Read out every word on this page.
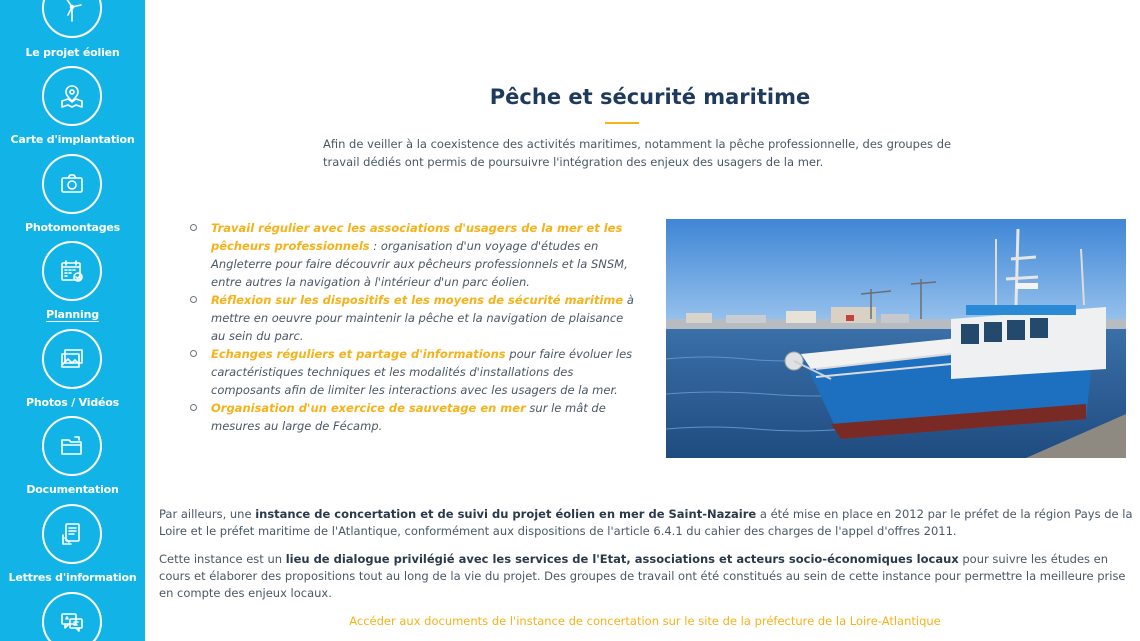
Le projet éolien
Carte d'implantation
Photomontages
Planning
Photos / Vidéos
Documentation
Lettres d'information
Pêche et sécurité maritime

Afin de veiller à la coexistence des activités maritimes, notamment la pêche professionnelle, des groupes de travail dédiés ont permis de poursuivre l'intégration des enjeux des usagers de la mer.

Travail régulier avec les associations d'usagers de la mer et les pêcheurs professionnels : organisation d'un voyage d'études en Angleterre pour faire découvrir aux pêcheurs professionnels et la SNSM, entre autres la navigation à l'intérieur d'un parc éolien.
Réflexion sur les dispositifs et les moyens de sécurité maritime à mettre en oeuvre pour maintenir la pêche et la navigation de plaisance au sein du parc.
Echanges réguliers et partage d'informations pour faire évoluer les caractéristiques techniques et les modalités d'installations des composants afin de limiter les interactions avec les usagers de la mer.
Organisation d'un exercice de sauvetage en mer sur le mât de mesures au large de Fécamp.

Par ailleurs, une instance de concertation et de suivi du projet éolien en mer de Saint-Nazaire a été mise en place en 2012 par le préfet de la région Pays de la Loire et le préfet maritime de l'Atlantique, conformément aux dispositions de l'article 6.4.1 du cahier des charges de l'appel d'offres 2011.

Cette instance est un lieu de dialogue privilégié avec les services de l'Etat, associations et acteurs socio-économiques locaux pour suivre les études en cours et élaborer des propositions tout au long de la vie du projet. Des groupes de travail ont été constitués au sein de cette instance pour permettre la meilleure prise en compte des enjeux locaux.

Accéder aux documents de l'instance de concertation sur le site de la préfecture de la Loire-Atlantique
